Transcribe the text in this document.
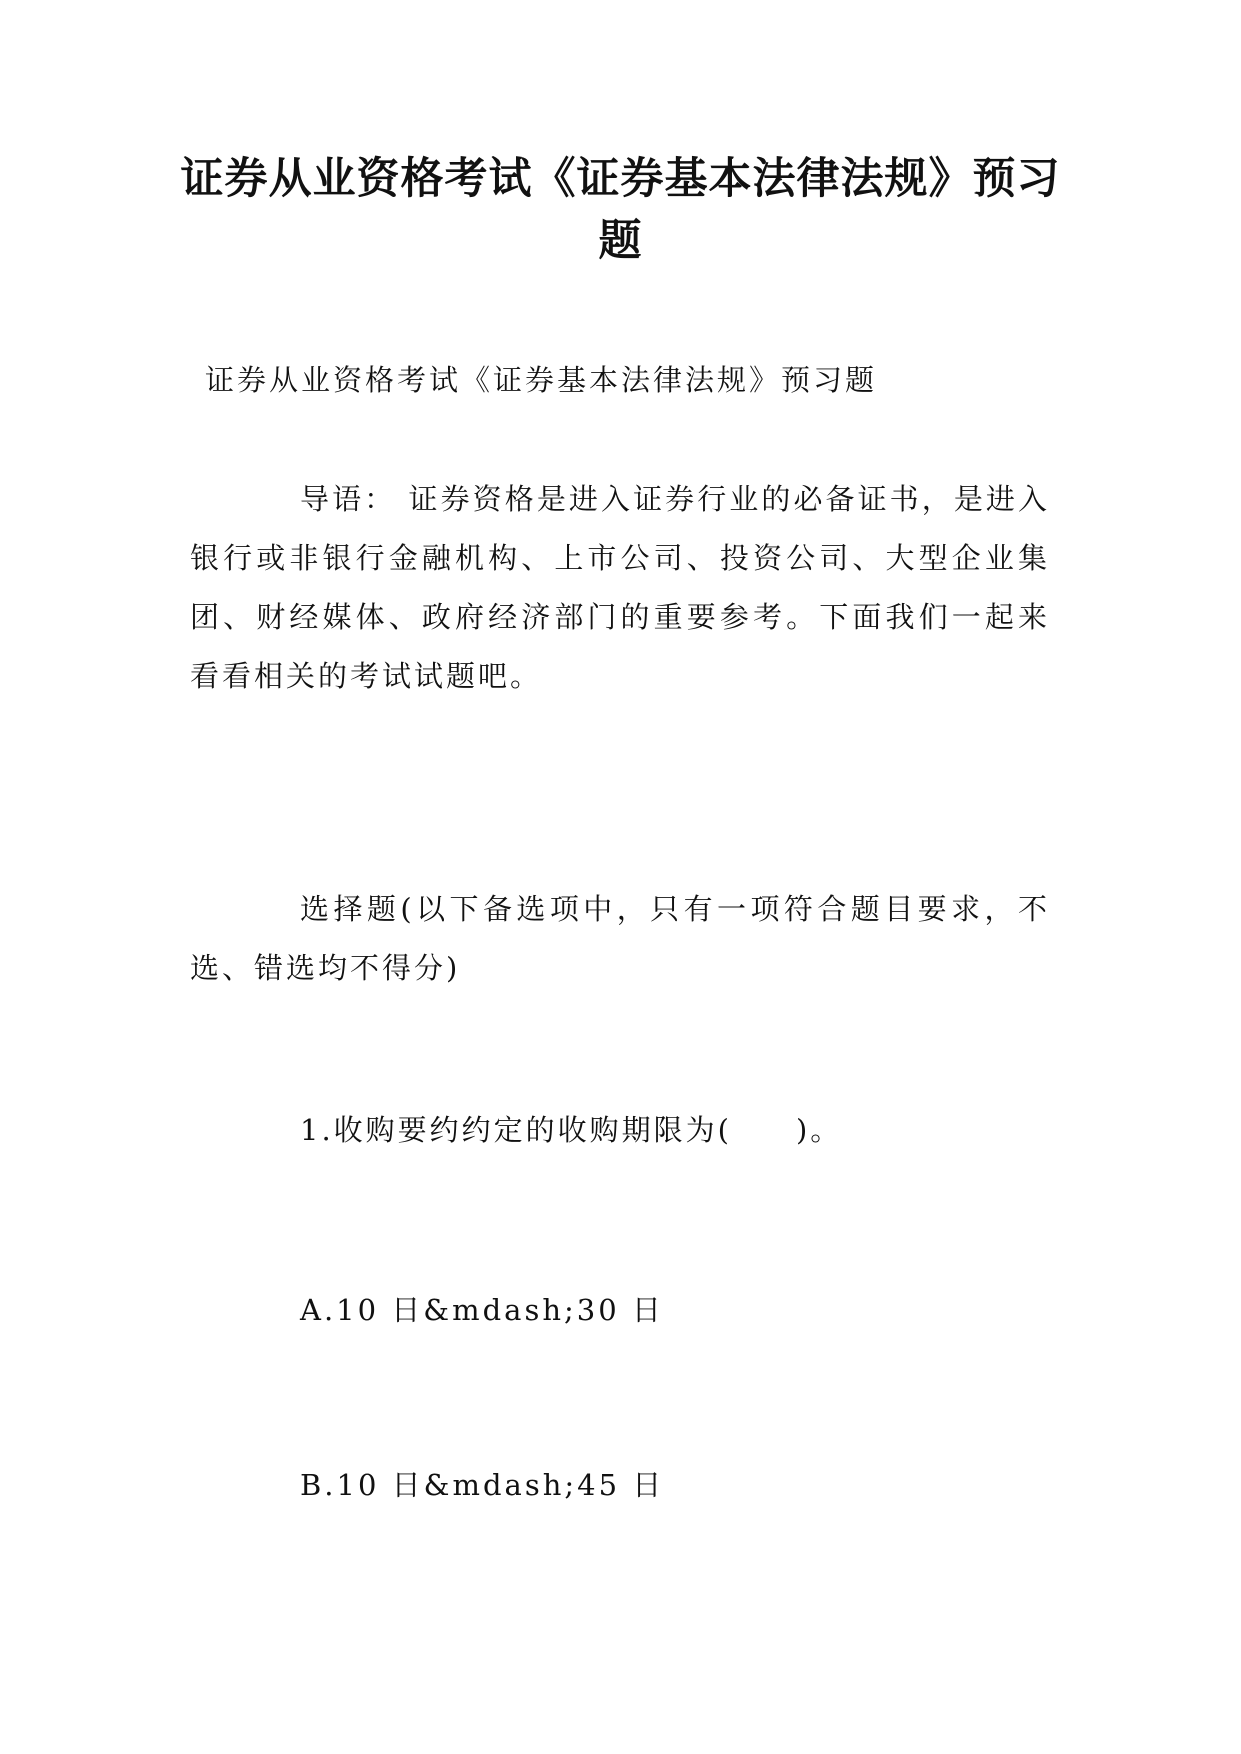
证券从业资格考试《证券基本法律法规》预习题

证券从业资格考试《证券基本法律法规》预习题

导语： 证券资格是进入证券行业的必备证书，是进入银行或非银行金融机构、上市公司、投资公司、大型企业集团、财经媒体、政府经济部门的重要参考。下面我们一起来看看相关的考试试题吧。

选择题(以下备选项中，只有一项符合题目要求，不选、错选均不得分)

1.收购要约约定的收购期限为(　　)。

A.10 日&mdash;30 日

B.10 日&mdash;45 日
